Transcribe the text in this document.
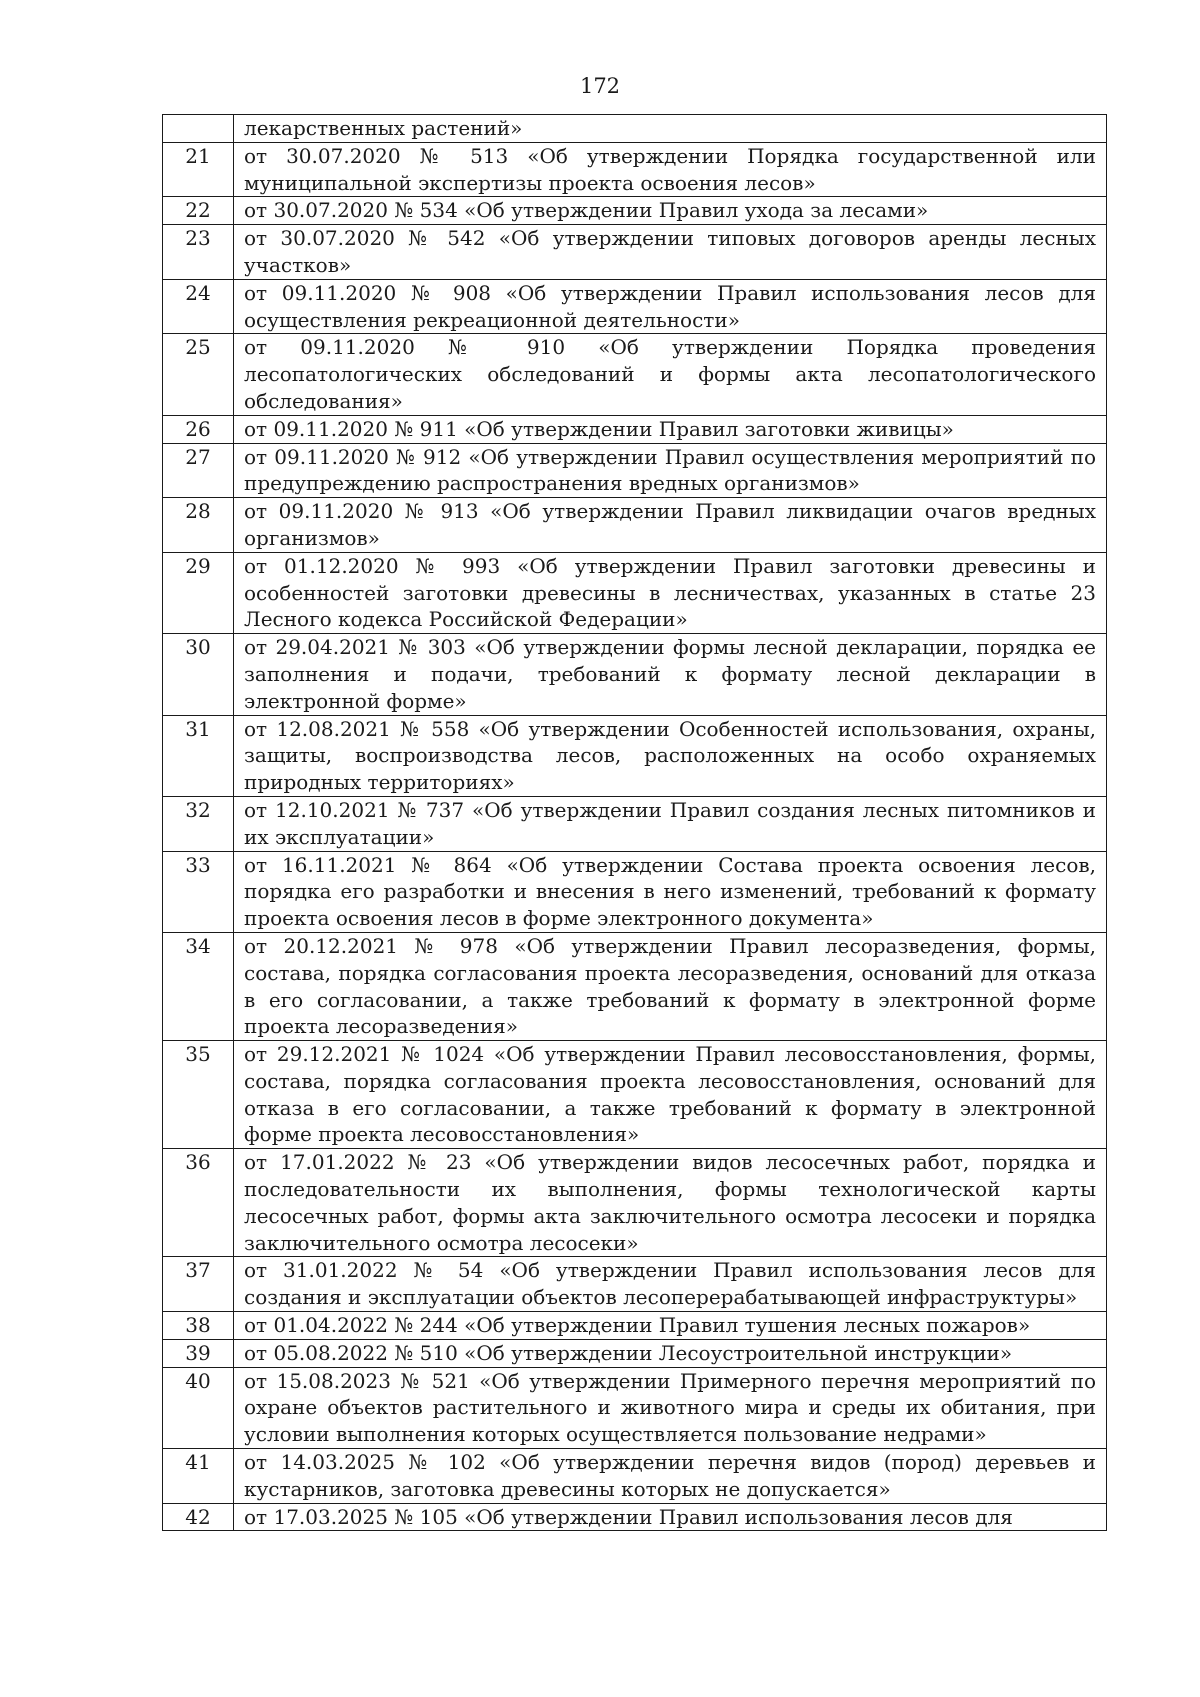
172
	лекарственных растений»
21	от 30.07.2020 № 513 «Об утверждении Порядка государственной или муниципальной экспертизы проекта освоения лесов»
22	от 30.07.2020 № 534 «Об утверждении Правил ухода за лесами»
23	от 30.07.2020 № 542 «Об утверждении типовых договоров аренды лесных участков»
24	от 09.11.2020 № 908 «Об утверждении Правил использования лесов для осуществления рекреационной деятельности»
25	от 09.11.2020 № 910 «Об утверждении Порядка проведения лесопатологических обследований и формы акта лесопатологического обследования»
26	от 09.11.2020 № 911 «Об утверждении Правил заготовки живицы»
27	от 09.11.2020 № 912 «Об утверждении Правил осуществления мероприятий по предупреждению распространения вредных организмов»
28	от 09.11.2020 № 913 «Об утверждении Правил ликвидации очагов вредных организмов»
29	от 01.12.2020 № 993 «Об утверждении Правил заготовки древесины и особенностей заготовки древесины в лесничествах, указанных в статье 23 Лесного кодекса Российской Федерации»
30	от 29.04.2021 № 303 «Об утверждении формы лесной декларации, порядка ее заполнения и подачи, требований к формату лесной декларации в электронной форме»
31	от 12.08.2021 № 558 «Об утверждении Особенностей использования, охраны, защиты, воспроизводства лесов, расположенных на особо охраняемых природных территориях»
32	от 12.10.2021 № 737 «Об утверждении Правил создания лесных питомников и их эксплуатации»
33	от 16.11.2021 № 864 «Об утверждении Состава проекта освоения лесов, порядка его разработки и внесения в него изменений, требований к формату проекта освоения лесов в форме электронного документа»
34	от 20.12.2021 № 978 «Об утверждении Правил лесоразведения, формы, состава, порядка согласования проекта лесоразведения, оснований для отказа в его согласовании, а также требований к формату в электронной форме проекта лесоразведения»
35	от 29.12.2021 № 1024 «Об утверждении Правил лесовосстановления, формы, состава, порядка согласования проекта лесовосстановления, оснований для отказа в его согласовании, а также требований к формату в электронной форме проекта лесовосстановления»
36	от 17.01.2022 № 23 «Об утверждении видов лесосечных работ, порядка и последовательности их выполнения, формы технологической карты лесосечных работ, формы акта заключительного осмотра лесосеки и порядка заключительного осмотра лесосеки»
37	от 31.01.2022 № 54 «Об утверждении Правил использования лесов для создания и эксплуатации объектов лесоперерабатывающей инфраструктуры»
38	от 01.04.2022 № 244 «Об утверждении Правил тушения лесных пожаров»
39	от 05.08.2022 № 510 «Об утверждении Лесоустроительной инструкции»
40	от 15.08.2023 № 521 «Об утверждении Примерного перечня мероприятий по охране объектов растительного и животного мира и среды их обитания, при условии выполнения которых осуществляется пользование недрами»
41	от 14.03.2025 № 102 «Об утверждении перечня видов (пород) деревьев и кустарников, заготовка древесины которых не допускается»
42	от 17.03.2025 № 105 «Об утверждении Правил использования лесов для
